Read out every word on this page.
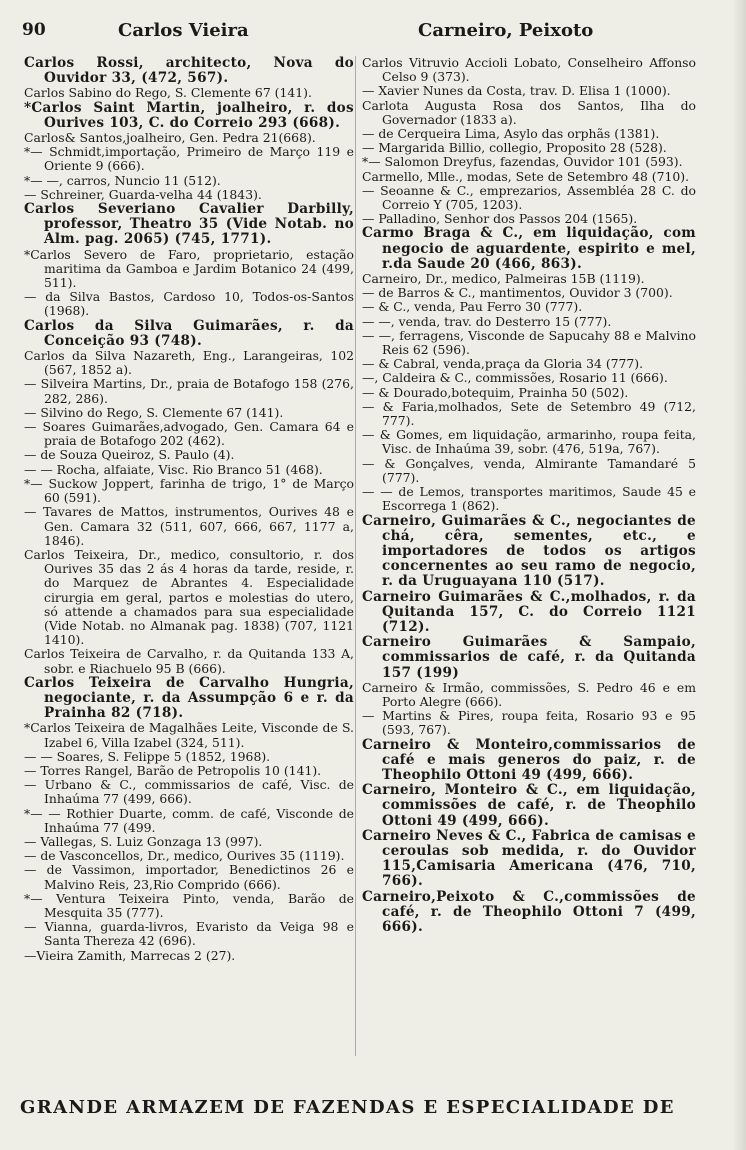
90	Carlos Vieira	Carneiro, Peixoto

Carlos Rossi, architecto, Nova do Ouvidor 33, (472, 567).

Carlos Sabino do Rego, S. Clemente 67 (141).

*Carlos Saint Martin, joalheiro, r. dos Ourives 103, C. do Correio 293 (668).

Carlos& Santos,joalheiro, Gen. Pedra 21(668).

*— Schmidt,importação, Primeiro de Março 119 e Oriente 9 (666).

*— —, carros, Nuncio 11 (512).

— Schreiner, Guarda-velha 44 (1843).

Carlos Severiano Cavalier Darbilly, professor, Theatro 35 (Vide Notab. no Alm. pag. 2065) (745, 1771).

*Carlos Severo de Faro, proprietario, estação maritima da Gamboa e Jardim Botanico 24 (499, 511).

— da Silva Bastos, Cardoso 10, Todos-os-Santos (1968).

Carlos da Silva Guimarães, r. da Conceição 93 (748).

Carlos da Silva Nazareth, Eng., Larangeiras, 102 (567, 1852 a).

— Silveira Martins, Dr., praia de Botafogo 158 (276, 282, 286).

— Silvino do Rego, S. Clemente 67 (141).

— Soares Guimarães,advogado, Gen. Camara 64 e praia de Botafogo 202 (462).

— de Souza Queiroz, S. Paulo (4).

— — Rocha, alfaiate, Visc. Rio Branco 51 (468).

*— Suckow Joppert, farinha de trigo, 1° de Março 60 (591).

— Tavares de Mattos, instrumentos, Ourives 48 e Gen. Camara 32 (511, 607, 666, 667, 1177 a, 1846).

Carlos Teixeira, Dr., medico, consultorio, r. dos Ourives 35 das 2 ás 4 horas da tarde, reside, r. do Marquez de Abrantes 4. Especialidade cirurgia em geral, partos e molestias do utero, só attende a chamados para sua especialidade (Vide Notab. no Almanak pag. 1838) (707, 1121 1410).

Carlos Teixeira de Carvalho, r. da Quitanda 133 A, sobr. e Riachuelo 95 B (666).

Carlos Teixeira de Carvalho Hungria, negociante, r. da Assumpção 6 e r. da Prainha 82 (718).

*Carlos Teixeira de Magalhães Leite, Visconde de S. Izabel 6, Villa Izabel (324, 511).

— — Soares, S. Felippe 5 (1852, 1968).

— Torres Rangel, Barão de Petropolis 10 (141).

— Urbano & C., commissarios de café, Visc. de Inhaúma 77 (499, 666).

*— — Rothier Duarte, comm. de café, Visconde de Inhaúma 77 (499.

— Vallegas, S. Luiz Gonzaga 13 (997).

— de Vasconcellos, Dr., medico, Ourives 35 (1119).

— de Vassimon, importador, Benedictinos 26 e Malvino Reis, 23,Rio Comprido (666).

*— Ventura Teixeira Pinto, venda, Barão de Mesquita 35 (777).

— Vianna, guarda-livros, Evaristo da Veiga 98 e Santa Thereza 42 (696).

—Vieira Zamith, Marrecas 2 (27).

Carlos Vitruvio Accioli Lobato, Conselheiro Affonso Celso 9 (373).

— Xavier Nunes da Costa, trav. D. Elisa 1 (1000).

Carlota Augusta Rosa dos Santos, Ilha do Governador (1833 a).

— de Cerqueira Lima, Asylo das orphãs (1381).

— Margarida Billio, collegio, Proposito 28 (528).

*— Salomon Dreyfus, fazendas, Ouvidor 101 (593).

Carmello, Mlle., modas, Sete de Setembro 48 (710).

— Seoanne & C., emprezarios, Assembléa 28 C. do Correio Y (705, 1203).

— Palladino, Senhor dos Passos 204 (1565).

Carmo Braga & C., em liquidação, com negocio de aguardente, espirito e mel, r.da Saude 20 (466, 863).

Carneiro, Dr., medico, Palmeiras 15B (1119).

— de Barros & C., mantimentos, Ouvidor 3 (700).

— & C., venda, Pau Ferro 30 (777).

— —, venda, trav. do Desterro 15 (777).

— —, ferragens, Visconde de Sapucahy 88 e Malvino Reis 62 (596).

— & Cabral, venda,praça da Gloria 34 (777).

—, Caldeira & C., commissões, Rosario 11 (666).

— & Dourado,botequim, Prainha 50 (502).

— & Faria,molhados, Sete de Setembro 49 (712, 777).

— & Gomes, em liquidação, armarinho, roupa feita, Visc. de Inhaúma 39, sobr. (476, 519a, 767).

— & Gonçalves, venda, Almirante Tamandaré 5 (777).

— — de Lemos, transportes maritimos, Saude 45 e Escorrega 1 (862).

Carneiro, Guimarães & C., negociantes de chá, cêra, sementes, etc., e importadores de todos os artigos concernentes ao seu ramo de negocio, r. da Uruguayana 110 (517).

Carneiro Guimarães & C.,molhados, r. da Quitanda 157, C. do Correio 1121 (712).

Carneiro Guimarães & Sampaio, commissarios de café, r. da Quitanda 157 (199)

Carneiro & Irmão, commissões, S. Pedro 46 e em Porto Alegre (666).

— Martins & Pires, roupa feita, Rosario 93 e 95 (593, 767).

Carneiro & Monteiro,commissarios de café e mais generos do paiz, r. de Theophilo Ottoni 49 (499, 666).

Carneiro, Monteiro & C., em liquidação, commissões de café, r. de Theophilo Ottoni 49 (499, 666).

Carneiro Neves & C., Fabrica de camisas e ceroulas sob medida, r. do Ouvidor 115,Camisaria Americana (476, 710, 766).

Carneiro,Peixoto & C.,commissões de café, r. de Theophilo Ottoni 7 (499, 666).

GRANDE ARMAZEM DE FAZENDAS E ESPECIALIDADE DE
